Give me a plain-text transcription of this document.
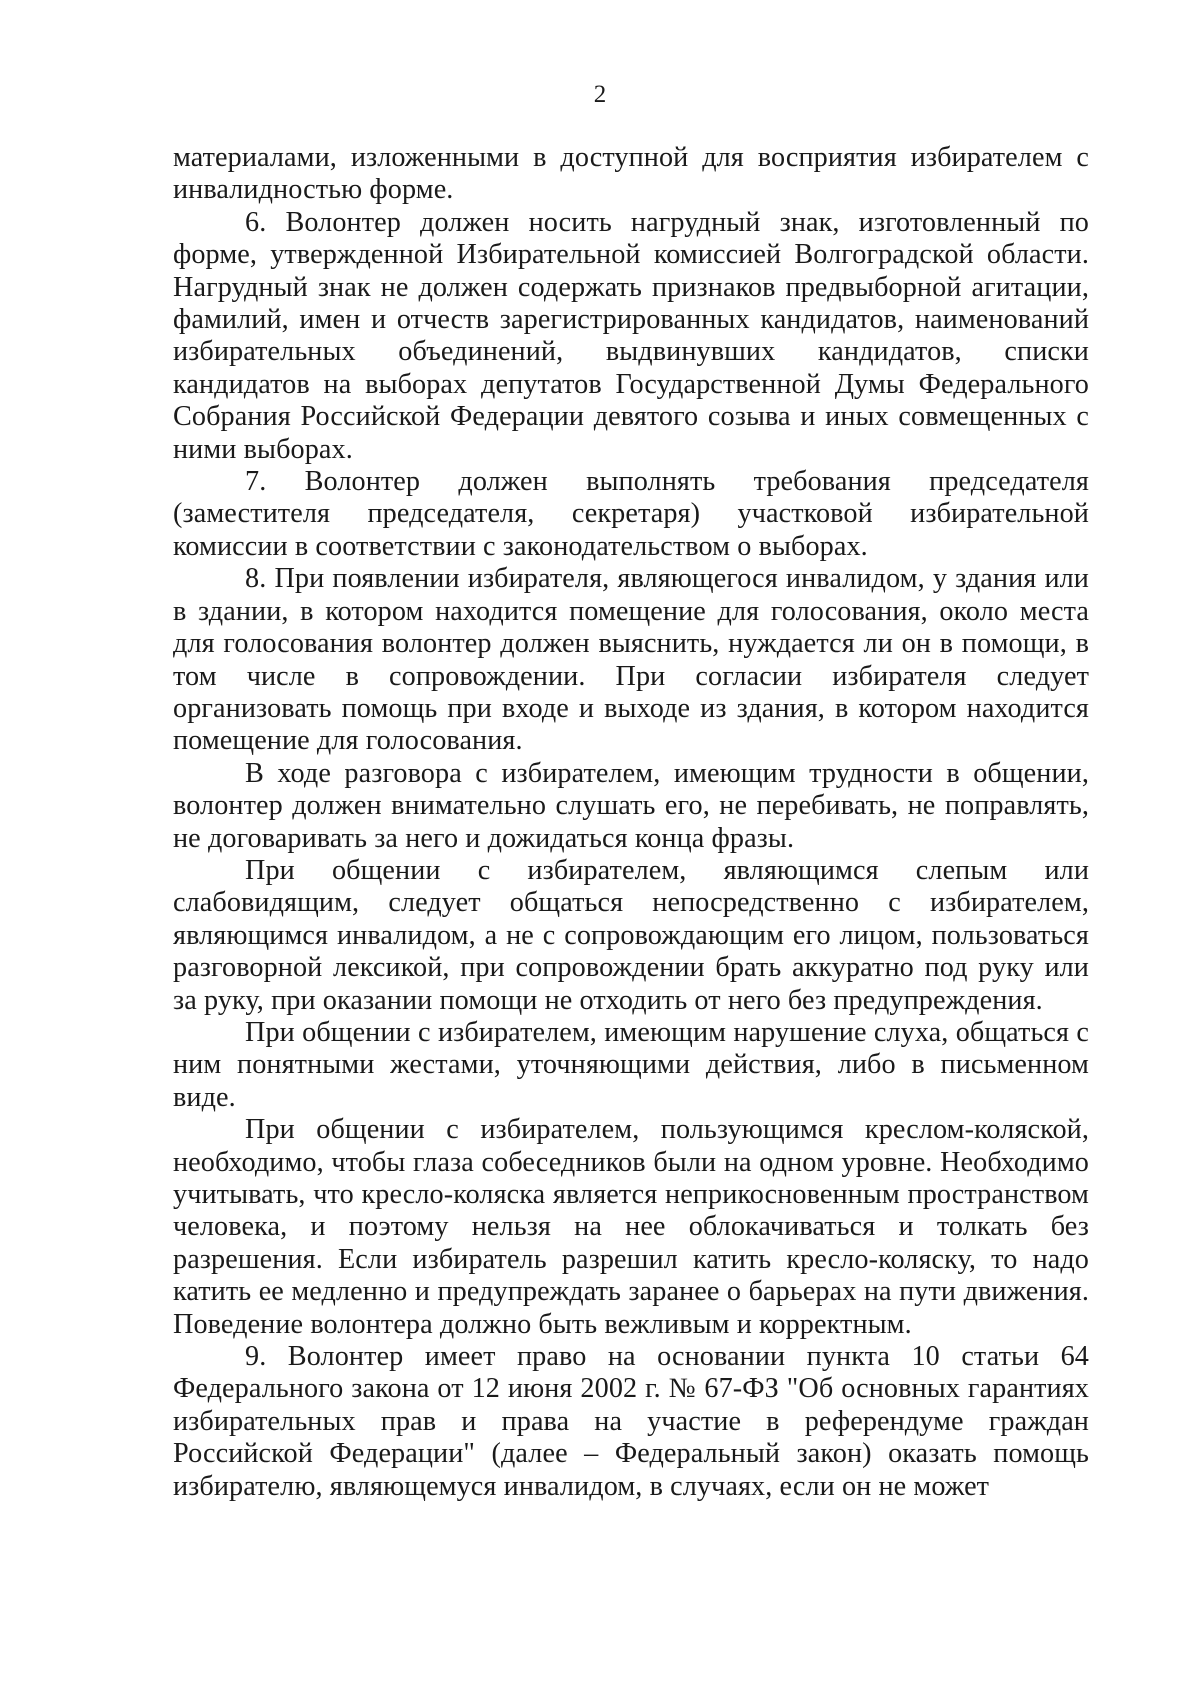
2

материалами, изложенными в доступной для восприятия избирателем с инвалидностью форме.

6. Волонтер должен носить нагрудный знак, изготовленный по форме, утвержденной Избирательной комиссией Волгоградской области. Нагрудный знак не должен содержать признаков предвыборной агитации, фамилий, имен и отчеств зарегистрированных кандидатов, наименований избирательных объединений, выдвинувших кандидатов, списки кандидатов на выборах депутатов Государственной Думы Федерального Собрания Российской Федерации девятого созыва и иных совмещенных с ними выборах.

7. Волонтер должен выполнять требования председателя (заместителя председателя, секретаря) участковой избирательной комиссии в соответствии с законодательством о выборах.

8. При появлении избирателя, являющегося инвалидом, у здания или в здании, в котором находится помещение для голосования, около места для голосования волонтер должен выяснить, нуждается ли он в помощи, в том числе в сопровождении. При согласии избирателя следует организовать помощь при входе и выходе из здания, в котором находится помещение для голосования.

В ходе разговора с избирателем, имеющим трудности в общении, волонтер должен внимательно слушать его, не перебивать, не поправлять, не договаривать за него и дожидаться конца фразы.

При общении с избирателем, являющимся слепым или слабовидящим, следует общаться непосредственно с избирателем, являющимся инвалидом, а не с сопровождающим его лицом, пользоваться разговорной лексикой, при сопровождении брать аккуратно под руку или за руку, при оказании помощи не отходить от него без предупреждения.

При общении с избирателем, имеющим нарушение слуха, общаться с ним понятными жестами, уточняющими действия, либо в письменном виде.

При общении с избирателем, пользующимся креслом-коляской, необходимо, чтобы глаза собеседников были на одном уровне. Необходимо учитывать, что кресло-коляска является неприкосновенным пространством человека, и поэтому нельзя на нее облокачиваться и толкать без разрешения. Если избиратель разрешил катить кресло-коляску, то надо катить ее медленно и предупреждать заранее о барьерах на пути движения. Поведение волонтера должно быть вежливым и корректным.

9. Волонтер имеет право на основании пункта 10 статьи 64 Федерального закона от 12 июня 2002 г. № 67-ФЗ "Об основных гарантиях избирательных прав и права на участие в референдуме граждан Российской Федерации" (далее – Федеральный закон) оказать помощь избирателю, являющемуся инвалидом, в случаях, если он не может
